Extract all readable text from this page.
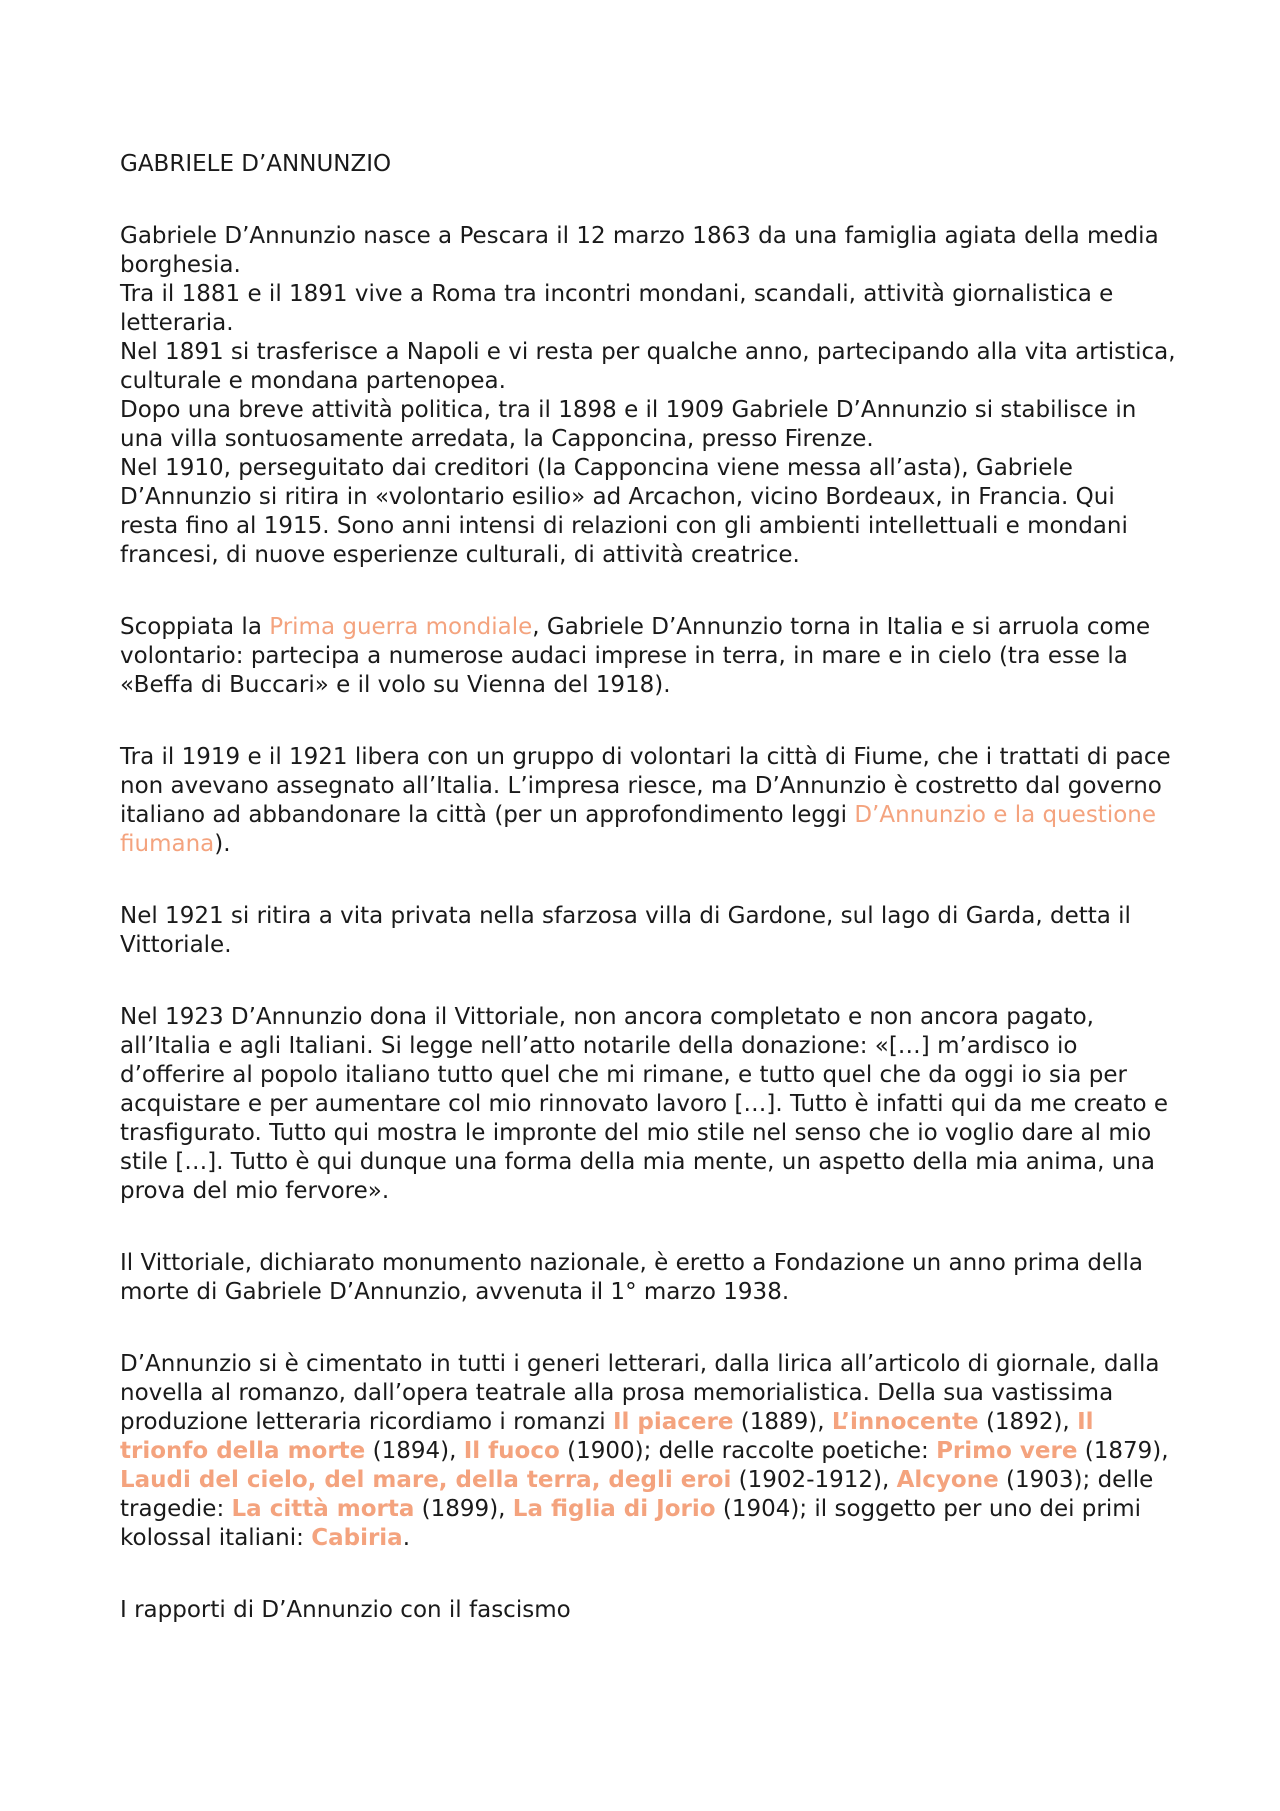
GABRIELE D’ANNUNZIO

Gabriele D’Annunzio nasce a Pescara il 12 marzo 1863 da una famiglia agiata della media borghesia.
Tra il 1881 e il 1891 vive a Roma tra incontri mondani, scandali, attività giornalistica e letteraria.
Nel 1891 si trasferisce a Napoli e vi resta per qualche anno, partecipando alla vita artistica, culturale e mondana partenopea.
Dopo una breve attività politica, tra il 1898 e il 1909 Gabriele D’Annunzio si stabilisce in una villa sontuosamente arredata, la Capponcina, presso Firenze.
Nel 1910, perseguitato dai creditori (la Capponcina viene messa all’asta), Gabriele D’Annunzio si ritira in «volontario esilio» ad Arcachon, vicino Bordeaux, in Francia. Qui resta fino al 1915. Sono anni intensi di relazioni con gli ambienti intellettuali e mondani francesi, di nuove esperienze culturali, di attività creatrice.

Scoppiata la Prima guerra mondiale, Gabriele D’Annunzio torna in Italia e si arruola come volontario: partecipa a numerose audaci imprese in terra, in mare e in cielo (tra esse la «Beffa di Buccari» e il volo su Vienna del 1918).

Tra il 1919 e il 1921 libera con un gruppo di volontari la città di Fiume, che i trattati di pace non avevano assegnato all’Italia. L’impresa riesce, ma D’Annunzio è costretto dal governo italiano ad abbandonare la città (per un approfondimento leggi D’Annunzio e la questione fiumana).

Nel 1921 si ritira a vita privata nella sfarzosa villa di Gardone, sul lago di Garda, detta il Vittoriale.

Nel 1923 D’Annunzio dona il Vittoriale, non ancora completato e non ancora pagato, all’Italia e agli Italiani. Si legge nell’atto notarile della donazione: «[…] m’ardisco io d’offerire al popolo italiano tutto quel che mi rimane, e tutto quel che da oggi io sia per acquistare e per aumentare col mio rinnovato lavoro […]. Tutto è infatti qui da me creato e trasfigurato. Tutto qui mostra le impronte del mio stile nel senso che io voglio dare al mio stile […]. Tutto è qui dunque una forma della mia mente, un aspetto della mia anima, una prova del mio fervore».

Il Vittoriale, dichiarato monumento nazionale, è eretto a Fondazione un anno prima della morte di Gabriele D’Annunzio, avvenuta il 1° marzo 1938.

D’Annunzio si è cimentato in tutti i generi letterari, dalla lirica all’articolo di giornale, dalla novella al romanzo, dall’opera teatrale alla prosa memorialistica. Della sua vastissima produzione letteraria ricordiamo i romanzi Il piacere (1889), L’innocente (1892), Il trionfo della morte (1894), Il fuoco (1900); delle raccolte poetiche: Primo vere (1879), Laudi del cielo, del mare, della terra, degli eroi (1902-1912), Alcyone (1903); delle tragedie: La città morta (1899), La figlia di Jorio (1904); il soggetto per uno dei primi kolossal italiani: Cabiria.

I rapporti di D’Annunzio con il fascismo
